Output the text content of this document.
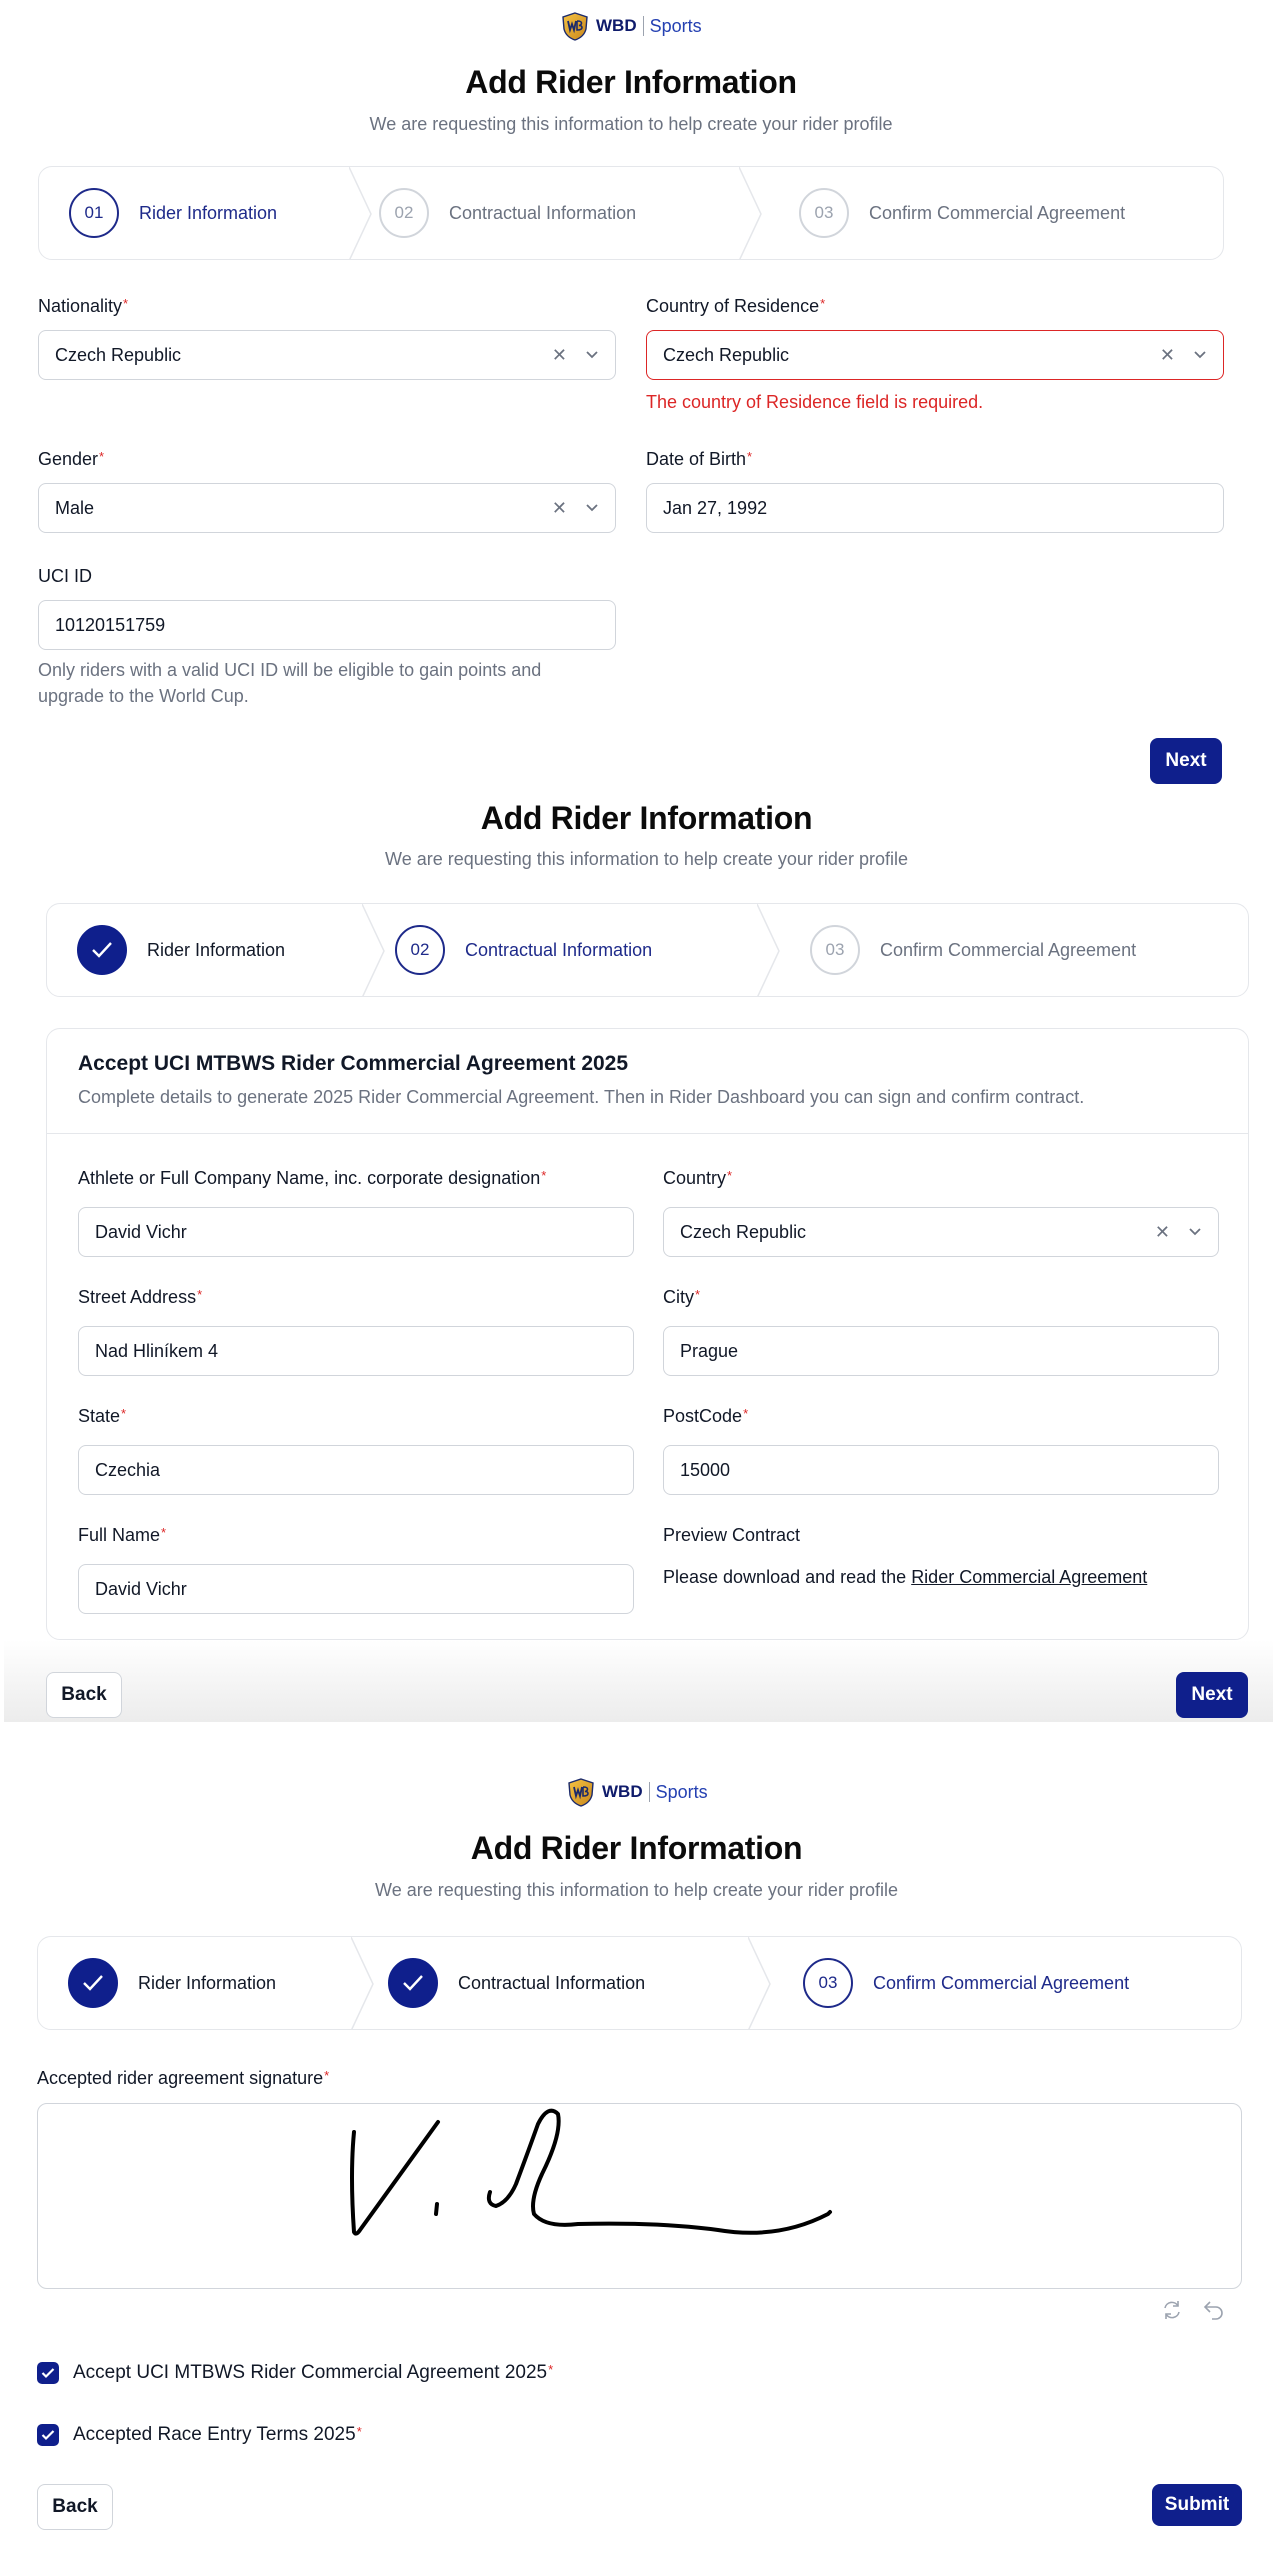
WBD Sports
Add Rider Information
We are requesting this information to help create your rider profile
01	Rider Information	02	Contractual Information	03	Confirm Commercial Agreement
Nationality*
Czech Republic	✕
Country of Residence*
Czech Republic	✕
The country of Residence field is required.
Gender*
Male	✕
Date of Birth*
Jan 27, 1992
UCI ID
10120151759
Only riders with a valid UCI ID will be eligible to gain points and upgrade to the World Cup.
Next
Add Rider Information
We are requesting this information to help create your rider profile
Rider Information	02	Contractual Information	03	Confirm Commercial Agreement
Accept UCI MTBWS Rider Commercial Agreement 2025
Complete details to generate 2025 Rider Commercial Agreement. Then in Rider Dashboard you can sign and confirm contract.
Athlete or Full Company Name, inc. corporate designation*
David Vichr
Country*
Czech Republic	✕
Street Address*
Nad Hliníkem 4
City*
Prague
State*
Czechia
PostCode*
15000
Full Name*
David Vichr
Preview Contract
Please download and read the Rider Commercial Agreement
Back	Next
WBD Sports
Add Rider Information
We are requesting this information to help create your rider profile
Rider Information	Contractual Information	03	Confirm Commercial Agreement
Accepted rider agreement signature*
Accept UCI MTBWS Rider Commercial Agreement 2025*
Accepted Race Entry Terms 2025*
Back	Submit
